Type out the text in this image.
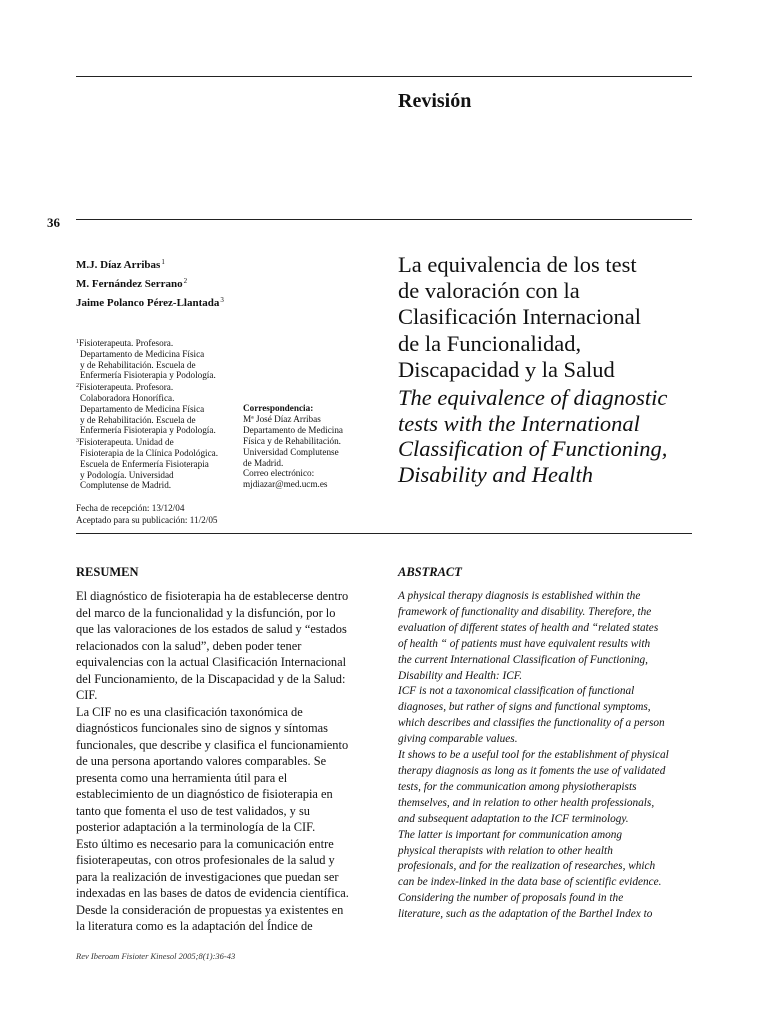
Revisión
36
M.J. Díaz Arribas$^1$
M. Fernández Serrano$^2$
Jaime Polanco Pérez-Llantada$^3$
$^1$Fisioterapeuta. Profesora.
Departamento de Medicina Física
y de Rehabilitación. Escuela de
Enfermería Fisioterapia y Podología.
$^2$Fisioterapeuta. Profesora.
Colaboradora Honorífica.
Departamento de Medicina Física
y de Rehabilitación. Escuela de
Enfermería Fisioterapia y Podología.
$^3$Fisioterapeuta. Unidad de
Fisioterapia de la Clínica Podológica.
Escuela de Enfermería Fisioterapia
y Podología. Universidad
Complutense de Madrid.
Correspondencia:
Mª José Díaz Arribas
Departamento de Medicina
Física y de Rehabilitación.
Universidad Complutense
de Madrid.
Correo electrónico:
mjdiazar@med.ucm.es
Fecha de recepción: 13/12/04
Aceptado para su publicación: 11/2/05
La equivalencia de los test
de valoración con la
Clasificación Internacional
de la Funcionalidad,
Discapacidad y la Salud
The equivalence of diagnostic
tests with the International
Classification of Functioning,
Disability and Health
RESUMEN	ABSTRACT
El diagnóstico de fisioterapia ha de establecerse dentro
del marco de la funcionalidad y la disfunción, por lo
que las valoraciones de los estados de salud y “estados
relacionados con la salud”, deben poder tener
equivalencias con la actual Clasificación Internacional
del Funcionamiento, de la Discapacidad y de la Salud:
CIF.
La CIF no es una clasificación taxonómica de
diagnósticos funcionales sino de signos y síntomas
funcionales, que describe y clasifica el funcionamiento
de una persona aportando valores comparables. Se
presenta como una herramienta útil para el
establecimiento de un diagnóstico de fisioterapia en
tanto que fomenta el uso de test validados, y su
posterior adaptación a la terminología de la CIF.
Esto último es necesario para la comunicación entre
fisioterapeutas, con otros profesionales de la salud y
para la realización de investigaciones que puedan ser
indexadas en las bases de datos de evidencia científica.
Desde la consideración de propuestas ya existentes en
la literatura como es la adaptación del Índice de
A physical therapy diagnosis is established within the
framework of functionality and disability. Therefore, the
evaluation of different states of health and “related states
of health “ of patients must have equivalent results with
the current International Classification of Functioning,
Disability and Health: ICF.
ICF is not a taxonomical classification of functional
diagnoses, but rather of signs and functional symptoms,
which describes and classifies the functionality of a person
giving comparable values.
It shows to be a useful tool for the establishment of physical
therapy diagnosis as long as it foments the use of validated
tests, for the communication among physiotherapists
themselves, and in relation to other health professionals,
and subsequent adaptation to the ICF terminology.
The latter is important for communication among
physical therapists with relation to other health
profesionals, and for the realization of researches, which
can be index-linked in the data base of scientific evidence.
Considering the number of proposals found in the
literature, such as the adaptation of the Barthel Index to
Rev Iberoam Fisioter Kinesol 2005;8(1):36-43
